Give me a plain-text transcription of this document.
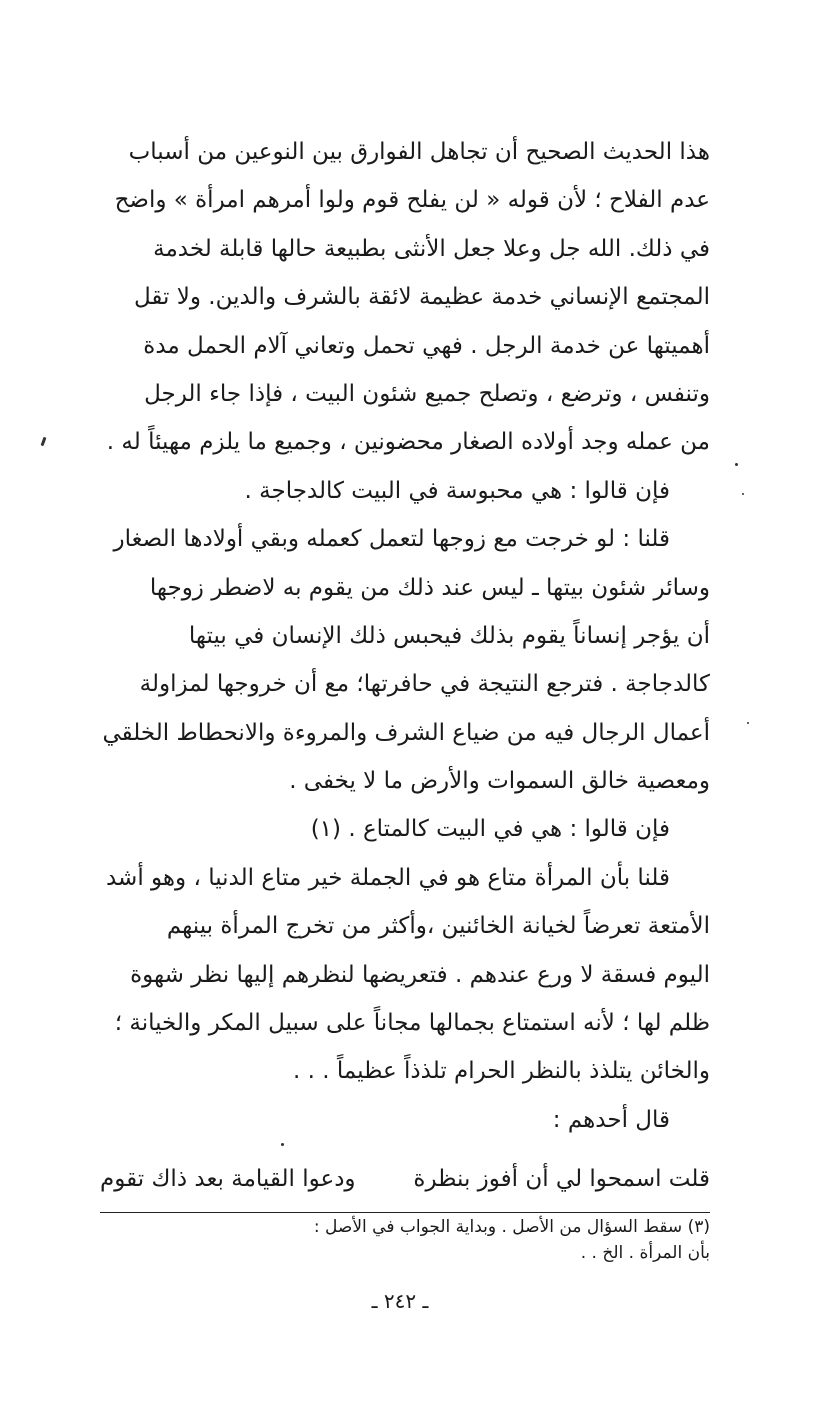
هذا الحديث الصحيح أن تجاهل الفوارق بين النوعين من أسباب
عدم الفلاح ؛ لأن قوله « لن يفلح قوم ولوا أمرهم امرأة » واضح
في ذلك. الله جل وعلا جعل الأنثى بطبيعة حالها قابلة لخدمة
المجتمع الإنساني خدمة عظيمة لائقة بالشرف والدين. ولا تقل
أهميتها عن خدمة الرجل . فهي تحمل وتعاني آلام الحمل مدة
وتنفس ، وترضع ، وتصلح جميع شئون البيت ، فإذا جاء الرجل
من عمله وجد أولاده الصغار محضونين ، وجميع ما يلزم مهيئاً له .
فإن قالوا : هي محبوسة في البيت كالدجاجة .
قلنا : لو خرجت مع زوجها لتعمل كعمله وبقي أولادها الصغار
وسائر شئون بيتها ـ ليس عند ذلك من يقوم به لاضطر زوجها
أن يؤجر إنساناً يقوم بذلك فيحبس ذلك الإنسان في بيتها
كالدجاجة . فترجع النتيجة في حافرتها؛ مع أن خروجها لمزاولة
أعمال الرجال فيه من ضياع الشرف والمروءة والانحطاط الخلقي
ومعصية خالق السموات والأرض ما لا يخفى .
فإن قالوا : هي في البيت كالمتاع . (١)
قلنا بأن المرأة متاع هو في الجملة خير متاع الدنيا ، وهو أشد
الأمتعة تعرضاً لخيانة الخائنين ،وأكثر من تخرج المرأة بينهم
اليوم فسقة لا ورع عندهم . فتعريضها لنظرهم إليها نظر شهوة
ظلم لها ؛ لأنه استمتاع بجمالها مجاناً على سبيل المكر والخيانة ؛
والخائن يتلذذ بالنظر الحرام تلذذاً عظيماً . . .
قال أحدهم :
قلت اسمحوا لي أن أفوز بنظرة
ودعوا القيامة بعد ذاك تقوم
(٣) سقط السؤال من الأصل . وبداية الجواب في الأصل :
بأن المرأة . الخ . .
ـ ٢٤٢ ـ
